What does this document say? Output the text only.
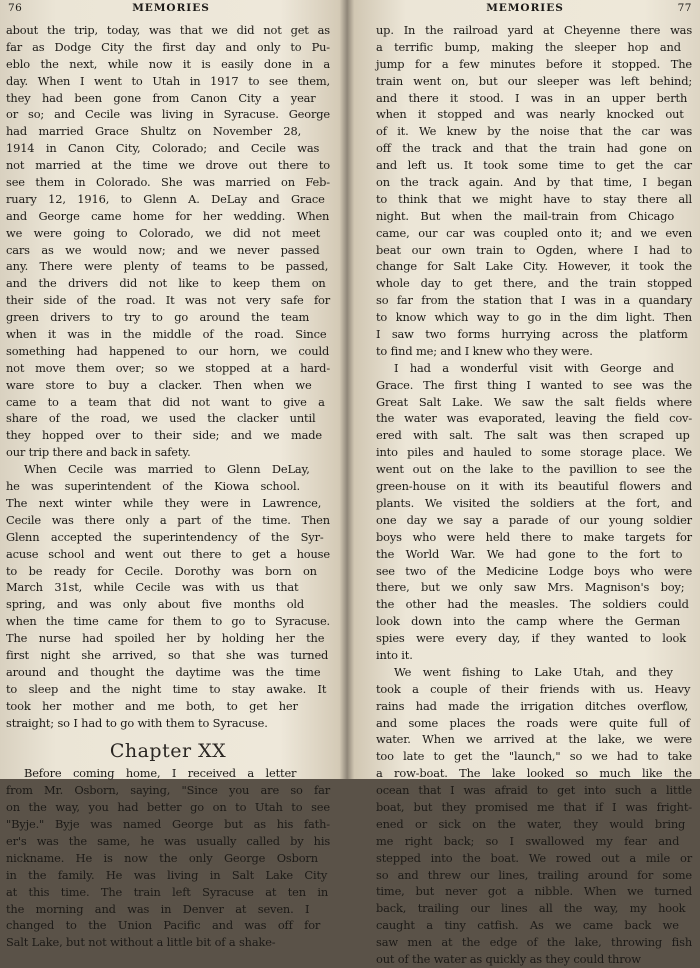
76	MEMORIES
about the trip, today, was that we did not get as
far as Dodge City the first day and only to Pu-
eblo the next, while now it is easily done in a
day. When I went to Utah in 1917 to see them,
they had been gone from Canon City a year
or so; and Cecile was living in Syracuse. George
had married Grace Shultz on November 28,
1914 in Canon City, Colorado; and Cecile was
not married at the time we drove out there to
see them in Colorado. She was married on Feb-
ruary 12, 1916, to Glenn A. DeLay and Grace
and George came home for her wedding. When
we were going to Colorado, we did not meet
cars as we would now; and we never passed
any. There were plenty of teams to be passed,
and the drivers did not like to keep them on
their side of the road. It was not very safe for
green drivers to try to go around the team
when it was in the middle of the road. Since
something had happened to our horn, we could
not move them over; so we stopped at a hard-
ware store to buy a clacker. Then when we
came to a team that did not want to give a
share of the road, we used the clacker until
they hopped over to their side; and we made
our trip there and back in safety.
When Cecile was married to Glenn DeLay,
he was superintendent of the Kiowa school.
The next winter while they were in Lawrence,
Cecile was there only a part of the time. Then
Glenn accepted the superintendency of the Syr-
acuse school and went out there to get a house
to be ready for Cecile. Dorothy was born on
March 31st, while Cecile was with us that
spring, and was only about five months old
when the time came for them to go to Syracuse.
The nurse had spoiled her by holding her the
first night she arrived, so that she was turned
around and thought the daytime was the time
to sleep and the night time to stay awake. It
took her mother and me both, to get her
straight; so I had to go with them to Syracuse.
Chapter XX
Before coming home, I received a letter
from Mr. Osborn, saying, "Since you are so far
on the way, you had better go on to Utah to see
"Byje." Byje was named George but as his fath-
er's was the same, he was usually called by his
nickname. He is now the only George Osborn
in the family. He was living in Salt Lake City
at this time. The train left Syracuse at ten in
the morning and was in Denver at seven. I
changed to the Union Pacific and was off for
Salt Lake, but not without a little bit of a shake-
MEMORIES	77
up. In the railroad yard at Cheyenne there was
a terrific bump, making the sleeper hop and
jump for a few minutes before it stopped. The
train went on, but our sleeper was left behind;
and there it stood. I was in an upper berth
when it stopped and was nearly knocked out
of it. We knew by the noise that the car was
off the track and that the train had gone on
and left us. It took some time to get the car
on the track again. And by that time, I began
to think that we might have to stay there all
night. But when the mail-train from Chicago
came, our car was coupled onto it; and we even
beat our own train to Ogden, where I had to
change for Salt Lake City. However, it took the
whole day to get there, and the train stopped
so far from the station that I was in a quandary
to know which way to go in the dim light. Then
I saw two forms hurrying across the platform
to find me; and I knew who they were.
I had a wonderful visit with George and
Grace. The first thing I wanted to see was the
Great Salt Lake. We saw the salt fields where
the water was evaporated, leaving the field cov-
ered with salt. The salt was then scraped up
into piles and hauled to some storage place. We
went out on the lake to the pavillion to see the
green-house on it with its beautiful flowers and
plants. We visited the soldiers at the fort, and
one day we say a parade of our young soldier
boys who were held there to make targets for
the World War. We had gone to the fort to
see two of the Medicine Lodge boys who were
there, but we only saw Mrs. Magnison's boy;
the other had the measles. The soldiers could
look down into the camp where the German
spies were every day, if they wanted to look
into it.
We went fishing to Lake Utah, and they
took a couple of their friends with us. Heavy
rains had made the irrigation ditches overflow,
and some places the roads were quite full of
water. When we arrived at the lake, we were
too late to get the "launch," so we had to take
a row-boat. The lake looked so much like the
ocean that I was afraid to get into such a little
boat, but they promised me that if I was fright-
ened or sick on the water, they would bring
me right back; so I swallowed my fear and
stepped into the boat. We rowed out a mile or
so and threw our lines, trailing around for some
time, but never got a nibble. When we turned
back, trailing our lines all the way, my hook
caught a tiny catfish. As we came back we
saw men at the edge of the lake, throwing fish
out of the water as quickly as they could throw
